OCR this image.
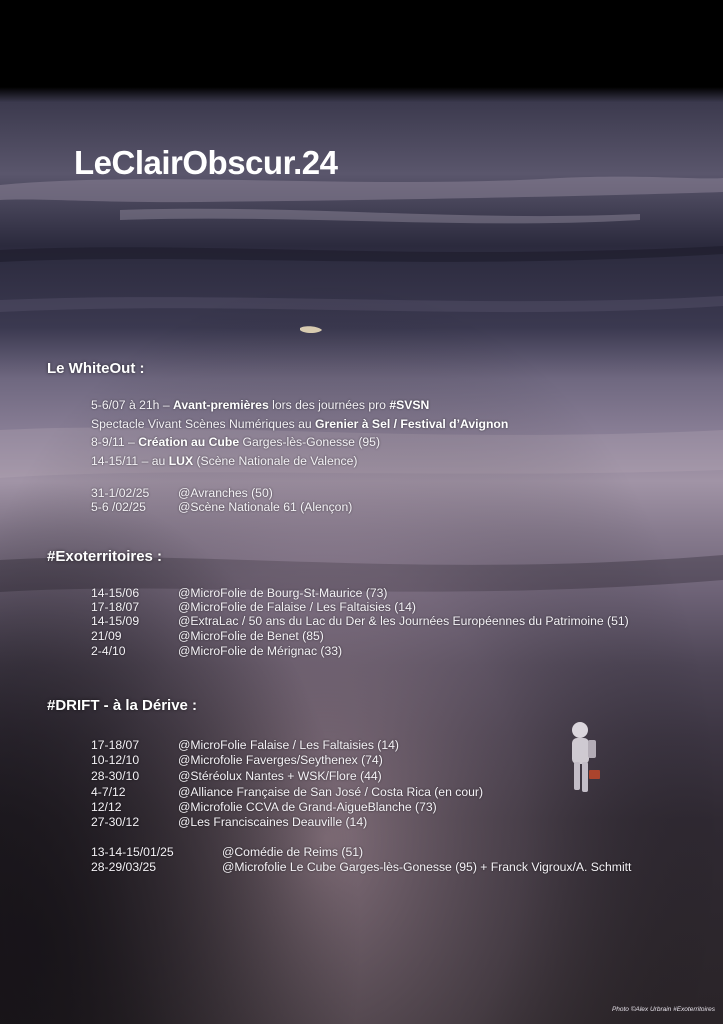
LeClairObscur.24
Le WhiteOut :
5-6/07 à 21h – Avant-premières lors des journées pro #SVSN
Spectacle Vivant Scènes Numériques au Grenier à Sel / Festival d’Avignon
8-9/11 – Création au Cube Garges-lès-Gonesse (95)
14-15/11 – au LUX (Scène Nationale de Valence)
31-1/02/25 @Avranches (50)
5-6 /02/25	@Scène Nationale 61 (Alençon)
#Exoterritoires :
14-15/06	@MicroFolie de Bourg-St-Maurice (73)
17-18/07	@MicroFolie de Falaise / Les Faltaisies (14)
14-15/09	@ExtraLac / 50 ans du Lac du Der & les Journées Européennes du Patrimoine (51)
21/09	@MicroFolie de Benet (85)
2-4/10	@MicroFolie de Mérignac (33)
#DRIFT - à la Dérive :
17-18/07	@MicroFolie Falaise / Les Faltaisies (14)
10-12/10	@Microfolie Faverges/Seythenex (74)
28-30/10	@Stéréolux Nantes + WSK/Flore (44)
4-7/12	@Alliance Française de San José / Costa Rica (en cour)
12/12	@Microfolie CCVA de Grand-AigueBlanche (73)
27-30/12	@Les Franciscaines Deauville (14)
13-14-15/01/25	@Comédie de Reims (51)
28-29/03/25	@Microfolie Le Cube Garges-lès-Gonesse (95) + Franck Vigroux/A. Schmitt
Photo ©Alex Urbrain #Exoterritoires
